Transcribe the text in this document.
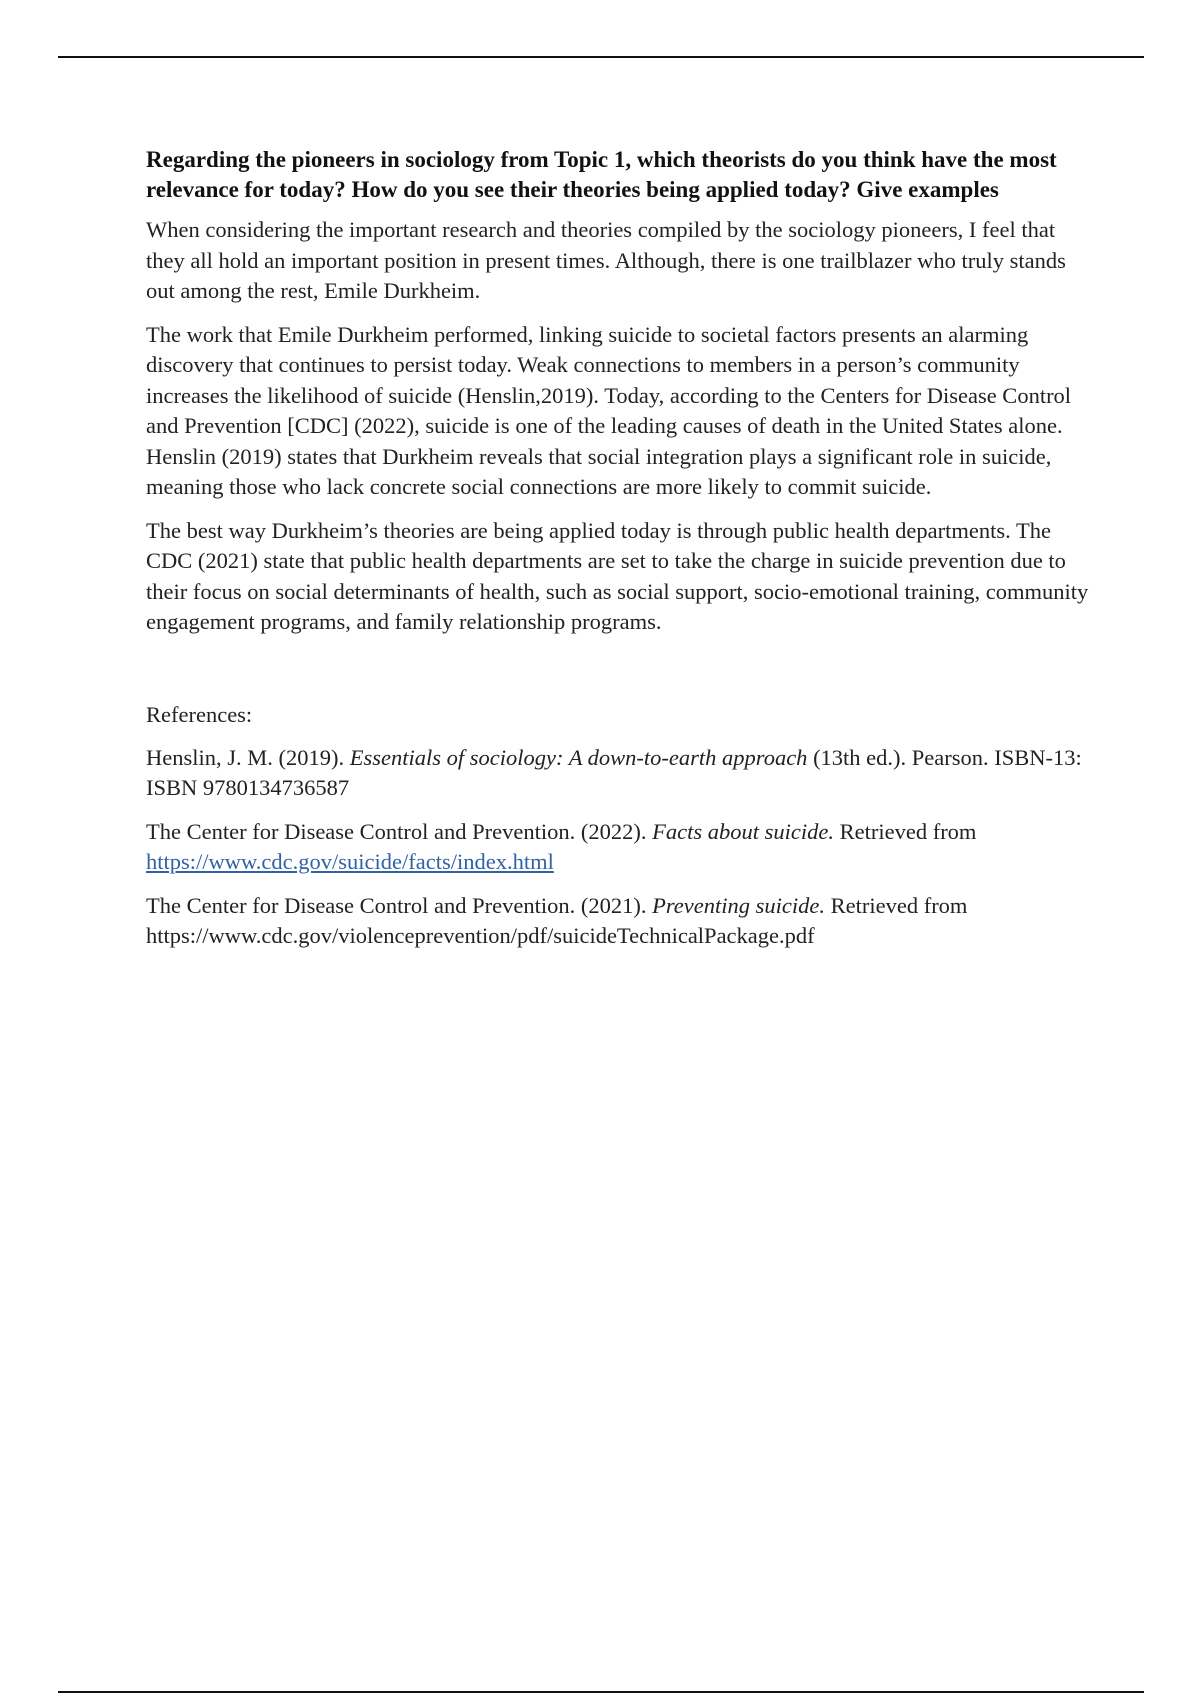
Regarding the pioneers in sociology from Topic 1, which theorists do you think have the most relevance for today? How do you see their theories being applied today? Give examples

When considering the important research and theories compiled by the sociology pioneers, I feel that they all hold an important position in present times. Although, there is one trailblazer who truly stands out among the rest, Emile Durkheim.

The work that Emile Durkheim performed, linking suicide to societal factors presents an alarming discovery that continues to persist today. Weak connections to members in a person’s community increases the likelihood of suicide (Henslin,2019). Today, according to the Centers for Disease Control and Prevention [CDC] (2022), suicide is one of the leading causes of death in the United States alone. Henslin (2019) states that Durkheim reveals that social integration plays a significant role in suicide, meaning those who lack concrete social connections are more likely to commit suicide.

The best way Durkheim’s theories are being applied today is through public health departments. The CDC (2021) state that public health departments are set to take the charge in suicide prevention due to their focus on social determinants of health, such as social support, socio-emotional training, community engagement programs, and family relationship programs.

References:

Henslin, J. M. (2019). Essentials of sociology: A down-to-earth approach (13th ed.). Pearson. ISBN-13: ISBN 9780134736587

The Center for Disease Control and Prevention. (2022). Facts about suicide. Retrieved from https://www.cdc.gov/suicide/facts/index.html

The Center for Disease Control and Prevention. (2021). Preventing suicide. Retrieved from https://www.cdc.gov/violenceprevention/pdf/suicideTechnicalPackage.pdf
